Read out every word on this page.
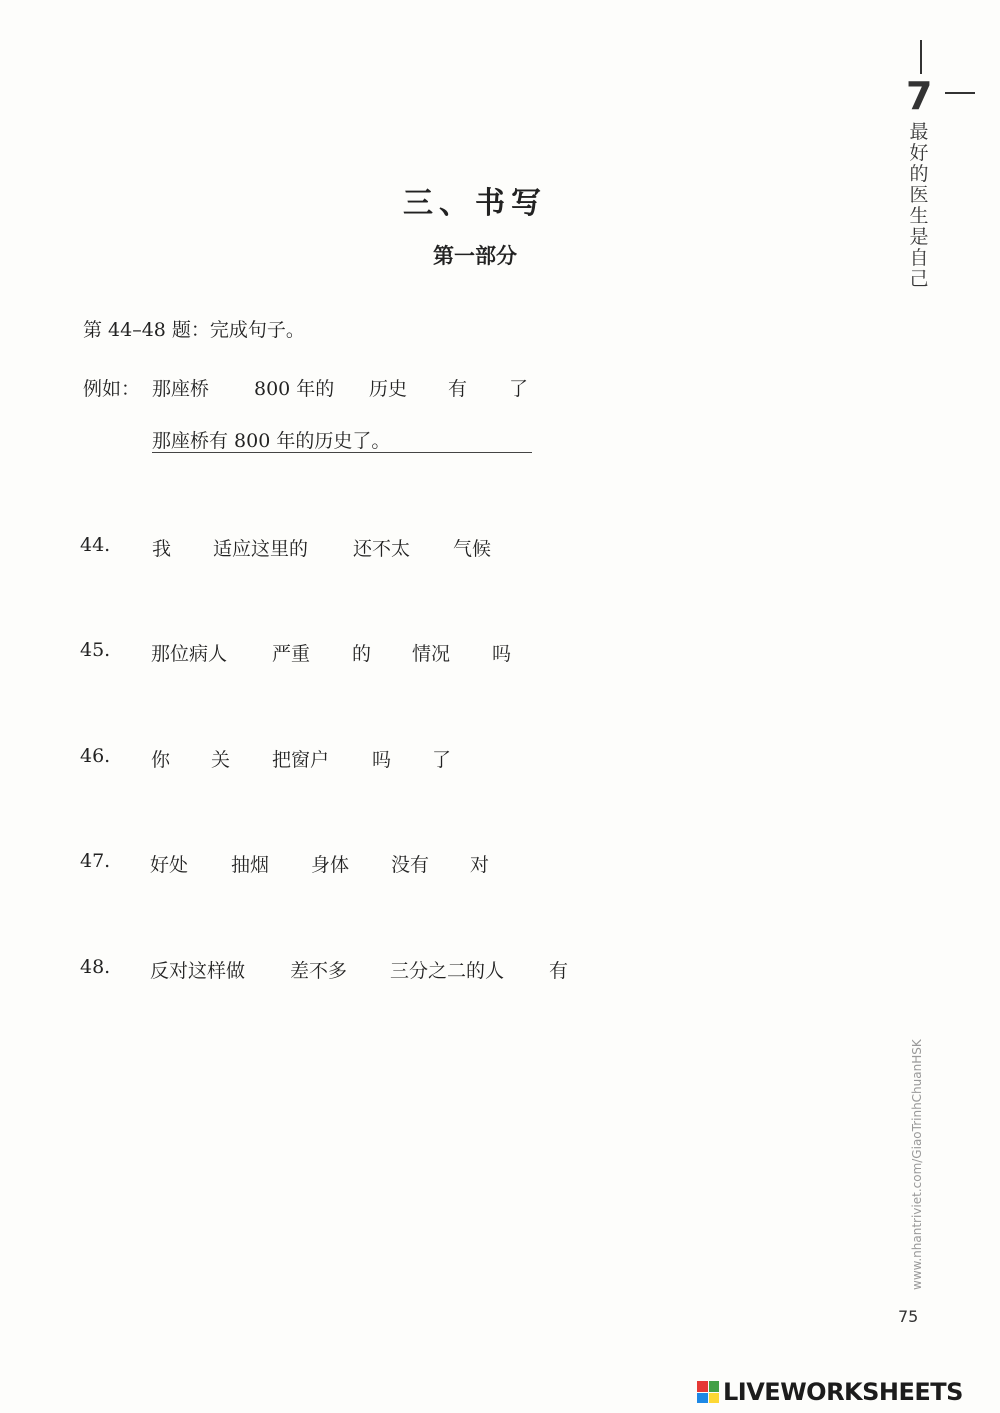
三、书写
第一部分
第 44–48 题：完成句子。
例如： 那座桥 800 年的 历史 有 了
那座桥有 800 年的历史了。
44. 我 适应这里的 还不太 气候
45. 那位病人 严重 的 情况 吗
46. 你 关 把窗户 吗 了
47. 好处 抽烟 身体 没有 对
48. 反对这样做 差不多 三分之二的人 有
7
最好的医生是自己
www.nhantriviet.com/GiaoTrinhChuanHSK
75
LIVEWORKSHEETS
